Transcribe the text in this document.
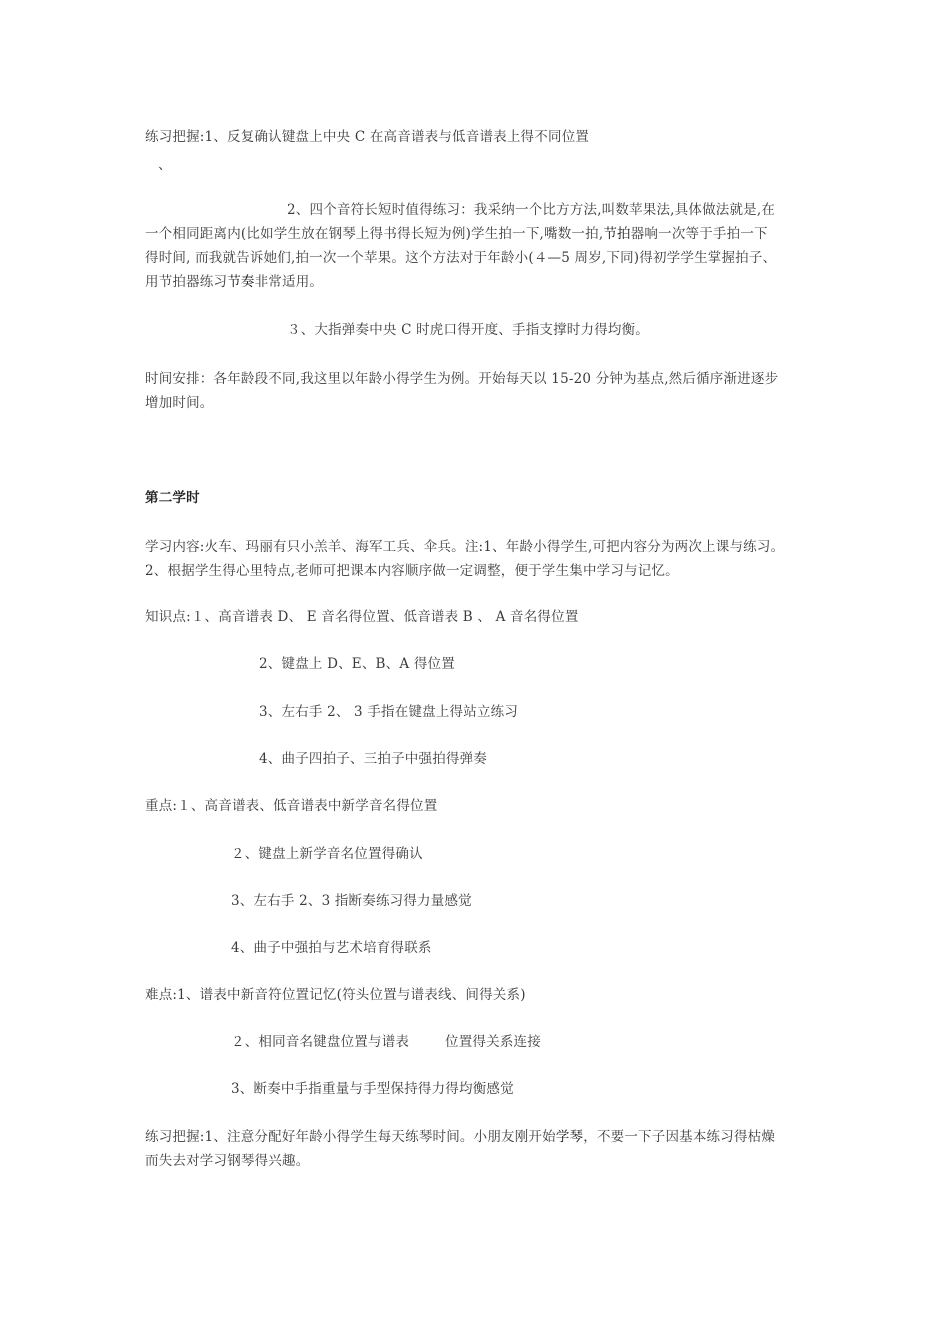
练习把握:1、反复确认键盘上中央 C 在高音谱表与低音谱表上得不同位置
、
2、四个音符长短时值得练习：我采纳一个比方方法,叫数苹果法,具体做法就是,在
一个相同距离内(比如学生放在钢琴上得书得长短为例)学生拍一下,嘴数一拍,节拍器响一次等于手拍一下
得时间, 而我就告诉她们,拍一次一个苹果。这个方法对于年龄小(４—5 周岁,下同)得初学学生掌握拍子、
用节拍器练习节奏非常适用。
３、大指弹奏中央 C 时虎口得开度、手指支撑时力得均衡。
时间安排：各年龄段不同,我这里以年龄小得学生为例。开始每天以 15-20 分钟为基点,然后循序渐进逐步
增加时间。
第二学时
学习内容:火车、玛丽有只小羔羊、海军工兵、伞兵。注:1、年龄小得学生,可把内容分为两次上课与练习。
2、根据学生得心里特点,老师可把课本内容顺序做一定调整，便于学生集中学习与记忆。
知识点:１、高音谱表 D、 E 音名得位置、低音谱表 B 、 A 音名得位置
2、键盘上 D、E、B、A 得位置
3、左右手 2、 3 手指在键盘上得站立练习
4、曲子四拍子、三拍子中强拍得弹奏
重点:１、高音谱表、低音谱表中新学音名得位置
２、键盘上新学音名位置得确认
3、左右手 2、3 指断奏练习得力量感觉
4、曲子中强拍与艺术培育得联系
难点:1、谱表中新音符位置记忆(符头位置与谱表线、间得关系)
２、相同音名键盘位置与谱表        位置得关系连接
3、断奏中手指重量与手型保持得力得均衡感觉
练习把握:1、注意分配好年龄小得学生每天练琴时间。小朋友刚开始学琴，不要一下子因基本练习得枯燥
而失去对学习钢琴得兴趣。
